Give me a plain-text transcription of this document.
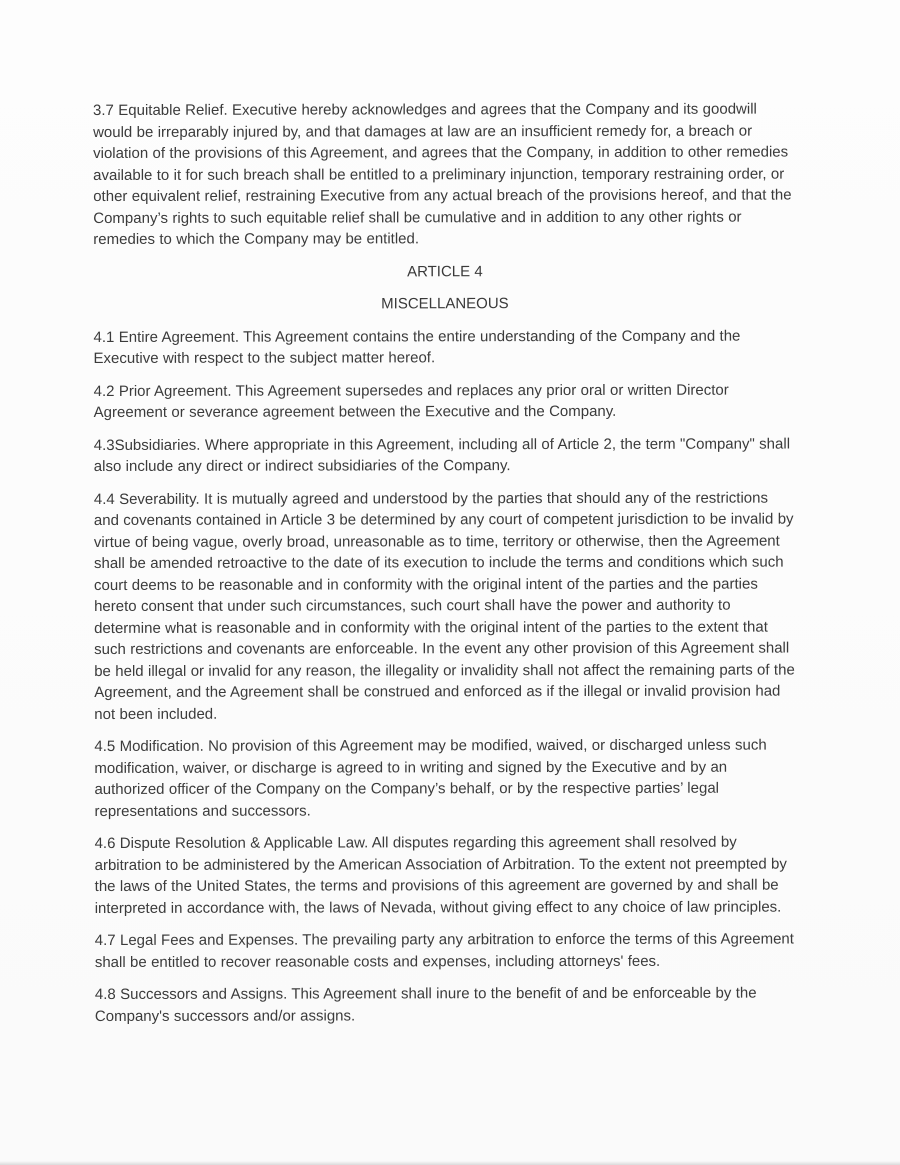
3.7 Equitable Relief. Executive hereby acknowledges and agrees that the Company and its goodwill would be irreparably injured by, and that damages at law are an insufficient remedy for, a breach or violation of the provisions of this Agreement, and agrees that the Company, in addition to other remedies available to it for such breach shall be entitled to a preliminary injunction, temporary restraining order, or other equivalent relief, restraining Executive from any actual breach of the provisions hereof, and that the Company’s rights to such equitable relief shall be cumulative and in addition to any other rights or remedies to which the Company may be entitled.

ARTICLE 4

MISCELLANEOUS

4.1 Entire Agreement. This Agreement contains the entire understanding of the Company and the Executive with respect to the subject matter hereof.

4.2 Prior Agreement. This Agreement supersedes and replaces any prior oral or written Director Agreement or severance agreement between the Executive and the Company.

4.3Subsidiaries. Where appropriate in this Agreement, including all of Article 2, the term "Company" shall also include any direct or indirect subsidiaries of the Company.

4.4 Severability. It is mutually agreed and understood by the parties that should any of the restrictions and covenants contained in Article 3 be determined by any court of competent jurisdiction to be invalid by virtue of being vague, overly broad, unreasonable as to time, territory or otherwise, then the Agreement shall be amended retroactive to the date of its execution to include the terms and conditions which such court deems to be reasonable and in conformity with the original intent of the parties and the parties hereto consent that under such circumstances, such court shall have the power and authority to determine what is reasonable and in conformity with the original intent of the parties to the extent that such restrictions and covenants are enforceable. In the event any other provision of this Agreement shall be held illegal or invalid for any reason, the illegality or invalidity shall not affect the remaining parts of the Agreement, and the Agreement shall be construed and enforced as if the illegal or invalid provision had not been included.

4.5 Modification. No provision of this Agreement may be modified, waived, or discharged unless such modification, waiver, or discharge is agreed to in writing and signed by the Executive and by an authorized officer of the Company on the Company’s behalf, or by the respective parties’ legal representations and successors.

4.6 Dispute Resolution & Applicable Law. All disputes regarding this agreement shall resolved by arbitration to be administered by the American Association of Arbitration. To the extent not preempted by the laws of the United States, the terms and provisions of this agreement are governed by and shall be interpreted in accordance with, the laws of Nevada, without giving effect to any choice of law principles.

4.7 Legal Fees and Expenses. The prevailing party any arbitration to enforce the terms of this Agreement shall be entitled to recover reasonable costs and expenses, including attorneys' fees.

4.8 Successors and Assigns. This Agreement shall inure to the benefit of and be enforceable by the Company's successors and/or assigns.
